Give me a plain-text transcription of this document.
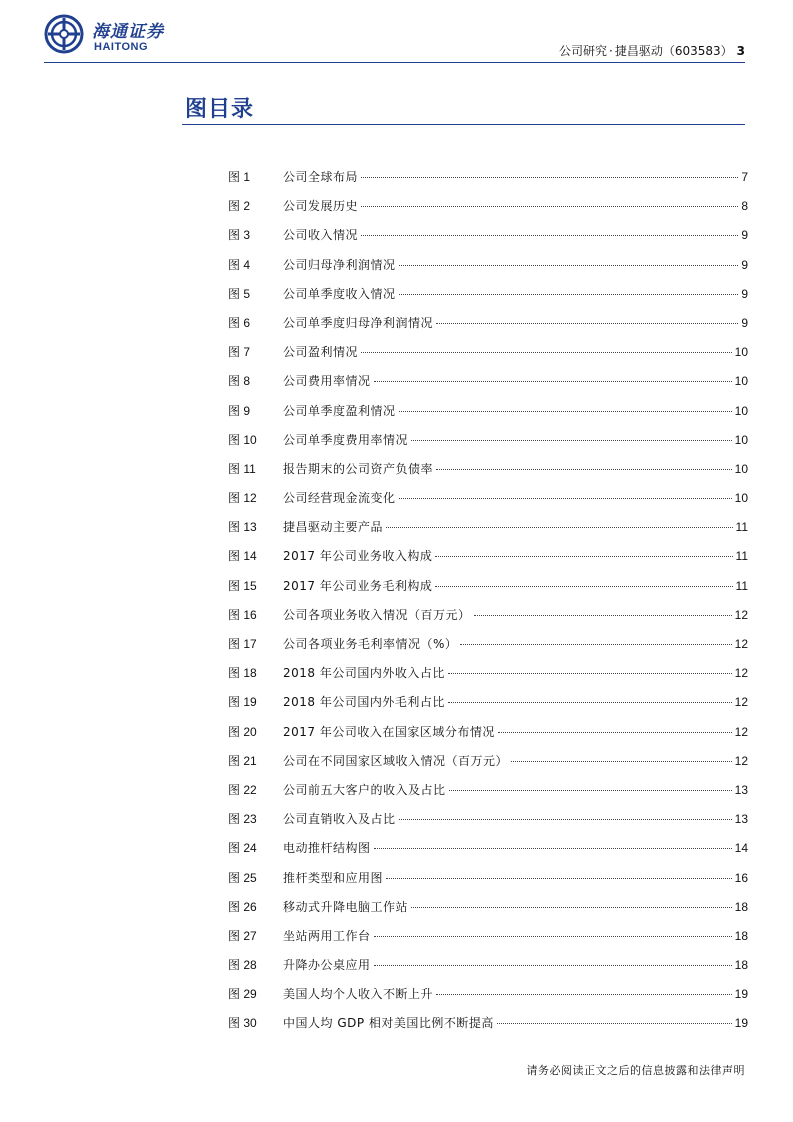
海通证券
HAITONG	公司研究 · 捷昌驱动（603583） 3
图目录
图 1	公司全球布局	7
图 2	公司发展历史	8
图 3	公司收入情况	9
图 4	公司归母净利润情况	9
图 5	公司单季度收入情况	9
图 6	公司单季度归母净利润情况	9
图 7	公司盈利情况	10
图 8	公司费用率情况	10
图 9	公司单季度盈利情况	10
图 10	公司单季度费用率情况	10
图 11	报告期末的公司资产负债率	10
图 12	公司经营现金流变化	10
图 13	捷昌驱动主要产品	11
图 14	2017 年公司业务收入构成	11
图 15	2017 年公司业务毛利构成	11
图 16	公司各项业务收入情况（百万元）	12
图 17	公司各项业务毛利率情况（%）	12
图 18	2018 年公司国内外收入占比	12
图 19	2018 年公司国内外毛利占比	12
图 20	2017 年公司收入在国家区域分布情况	12
图 21	公司在不同国家区域收入情况（百万元）	12
图 22	公司前五大客户的收入及占比	13
图 23	公司直销收入及占比	13
图 24	电动推杆结构图	14
图 25	推杆类型和应用图	16
图 26	移动式升降电脑工作站	18
图 27	坐站两用工作台	18
图 28	升降办公桌应用	18
图 29	美国人均个人收入不断上升	19
图 30	中国人均 GDP 相对美国比例不断提高	19
请务必阅读正文之后的信息披露和法律声明
